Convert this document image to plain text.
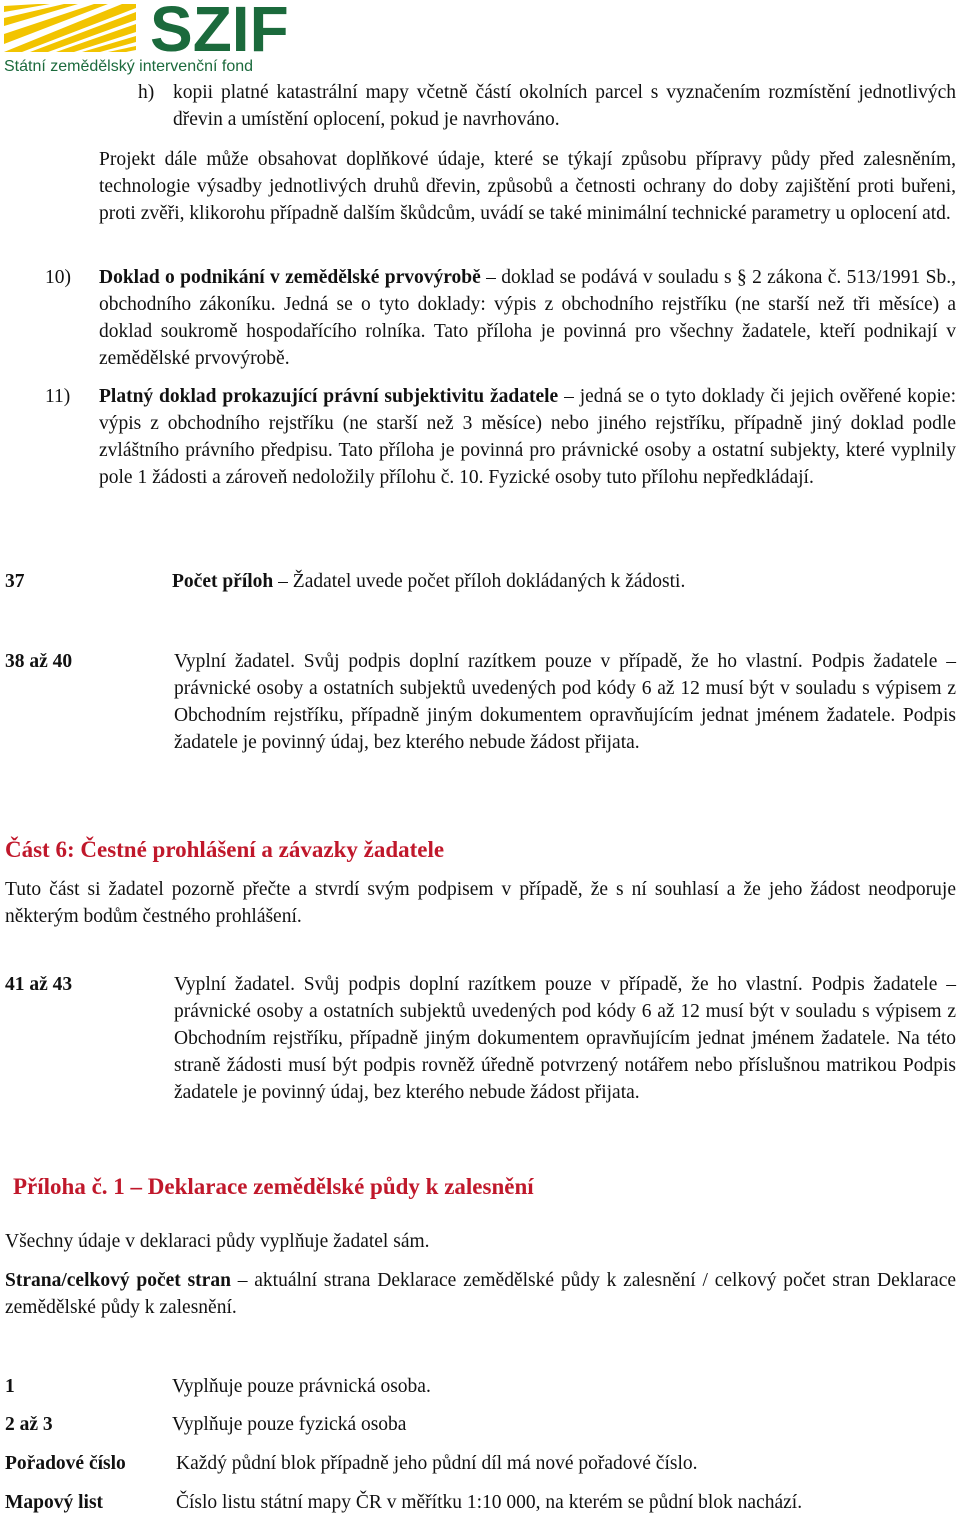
SZIF
Státní zemědělský intervenční fond
h) kopii platné katastrální mapy včetně částí okolních parcel s vyznačením rozmístění jednotlivých dřevin a umístění oplocení, pokud je navrhováno.
Projekt dále může obsahovat doplňkové údaje, které se týkají způsobu přípravy půdy před zalesněním, technologie výsadby jednotlivých druhů dřevin, způsobů a četnosti ochrany do doby zajištění proti buřeni, proti zvěři, klikorohu případně dalším škůdcům, uvádí se také minimální technické parametry u oplocení atd.
10)	Doklad o podnikání v zemědělské prvovýrobě – doklad se podává v souladu s § 2 zákona č. 513/1991 Sb., obchodního zákoníku. Jedná se o tyto doklady: výpis z obchodního rejstříku (ne starší než tři měsíce) a doklad soukromě hospodařícího rolníka. Tato příloha je povinná pro všechny žadatele, kteří podnikají v zemědělské prvovýrobě.
11)	Platný doklad prokazující právní subjektivitu žadatele – jedná se o tyto doklady či jejich ověřené kopie: výpis z obchodního rejstříku (ne starší než 3 měsíce) nebo jiného rejstříku, případně jiný doklad podle zvláštního právního předpisu. Tato příloha je povinná pro právnické osoby a ostatní subjekty, které vyplnily pole 1 žádosti a zároveň nedoložily přílohu č. 10. Fyzické osoby tuto přílohu nepředkládají.
37	Počet příloh – Žadatel uvede počet příloh dokládaných k žádosti.
38 až 40	Vyplní žadatel. Svůj podpis doplní razítkem pouze v případě, že ho vlastní. Podpis žadatele – právnické osoby a ostatních subjektů uvedených pod kódy 6 až 12 musí být v souladu s výpisem z Obchodním rejstříku, případně jiným dokumentem opravňujícím jednat jménem žadatele. Podpis žadatele je povinný údaj, bez kterého nebude žádost přijata.
Část 6: Čestné prohlášení a závazky žadatele
Tuto část si žadatel pozorně přečte a stvrdí svým podpisem v případě, že s ní souhlasí a že jeho žádost neodporuje některým bodům čestného prohlášení.
41 až 43	Vyplní žadatel. Svůj podpis doplní razítkem pouze v případě, že ho vlastní. Podpis žadatele – právnické osoby a ostatních subjektů uvedených pod kódy 6 až 12 musí být v souladu s výpisem z Obchodním rejstříku, případně jiným dokumentem opravňujícím jednat jménem žadatele. Na této straně žádosti musí být podpis rovněž úředně potvrzený notářem nebo příslušnou matrikou Podpis žadatele je povinný údaj, bez kterého nebude žádost přijata.
Příloha č. 1 – Deklarace zemědělské půdy k zalesnění
Všechny údaje v deklaraci půdy vyplňuje žadatel sám.
Strana/celkový počet stran – aktuální strana Deklarace zemědělské půdy k zalesnění / celkový počet stran Deklarace zemědělské půdy k zalesnění.
1	Vyplňuje pouze právnická osoba.
2 až 3	Vyplňuje pouze fyzická osoba
Pořadové číslo	Každý půdní blok případně jeho půdní díl má nové pořadové číslo.
Mapový list	Číslo listu státní mapy ČR v měřítku 1:10 000, na kterém se půdní blok nachází.
